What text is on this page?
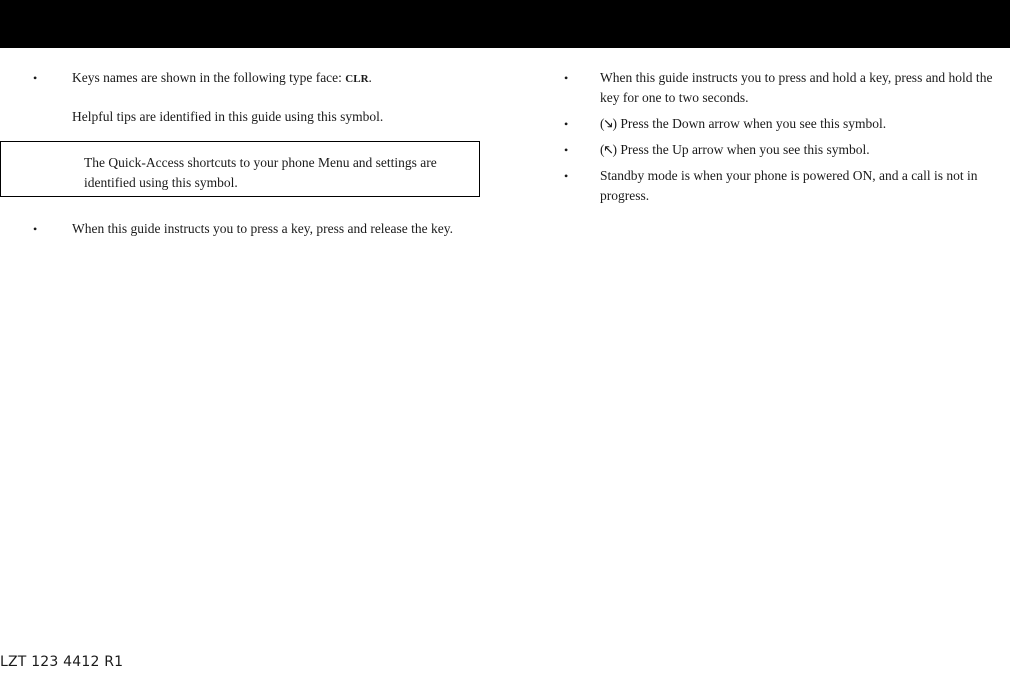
•	Keys names are shown in the following type face: CLR.
Helpful tips are identified in this guide using this symbol.
The Quick-Access shortcuts to your phone Menu and settings are identified using this symbol.
•	When this guide instructs you to press a key, press and release the key.
• When this guide instructs you to press and hold a key, press and hold the key for one to two seconds.
• (🡖) Press the Down arrow when you see this symbol.
• (🡔) Press the Up arrow when you see this symbol.
• Standby mode is when your phone is powered ON, and a call is not in progress.
LZT 123 4412 R1
